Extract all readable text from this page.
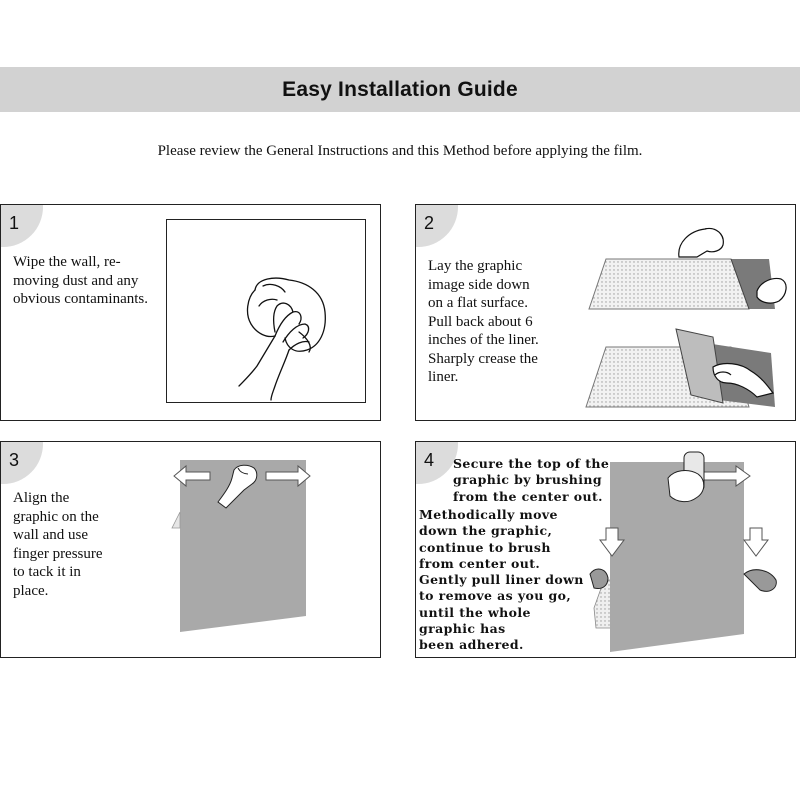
Easy Installation Guide
Please review the General Instructions and this Method before applying the film.
1
Wipe the wall, re-
moving dust and any
obvious contaminants.
2
Lay the graphic
image side down
on a flat surface.
Pull back about 6
inches of the liner.
Sharply crease the
liner.
3
Align the
graphic on the
wall and use
finger pressure
to tack it in
place.
4 Secure the top of the
graphic by brushing
from the center out.
Methodically move
down the graphic,
continue to brush
from center out.
Gently pull liner down
to remove as you go,
until the whole
graphic has
been adhered.
